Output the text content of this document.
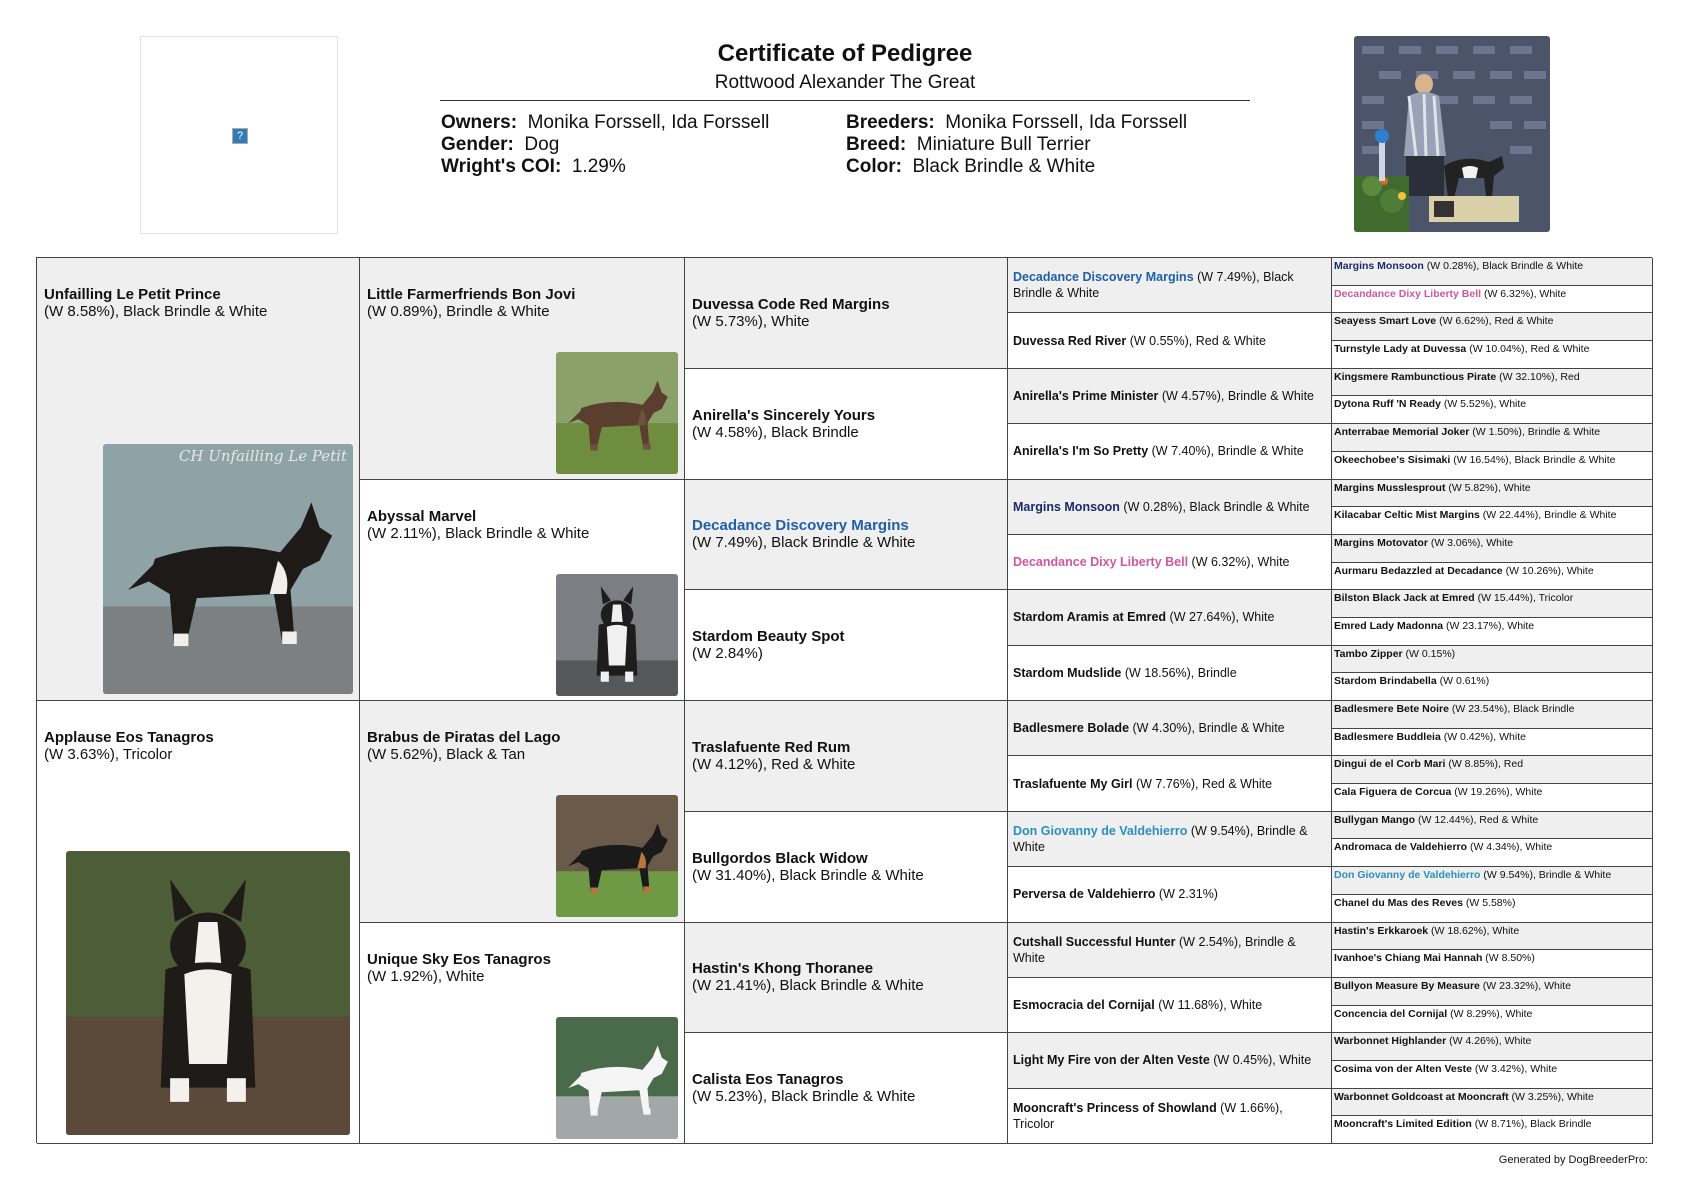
?
Certificate of Pedigree
Rottwood Alexander The Great
Owners: Monika Forssell, Ida Forssell
Gender: Dog
Wright's COI: 1.29%
Breeders: Monika Forssell, Ida Forssell
Breed: Miniature Bull Terrier
Color: Black Brindle & White
Unfailling Le Petit Prince
(W 8.58%), Black Brindle & White
CH Unfailling Le Petit
Applause Eos Tanagros
(W 3.63%), Tricolor
Little Farmerfriends Bon Jovi
(W 0.89%), Brindle & White
Abyssal Marvel
(W 2.11%), Black Brindle & White
Brabus de Piratas del Lago
(W 5.62%), Black & Tan
Unique Sky Eos Tanagros
(W 1.92%), White
Duvessa Code Red Margins
(W 5.73%), White
Anirella's Sincerely Yours
(W 4.58%), Black Brindle
Decadance Discovery Margins
(W 7.49%), Black Brindle & White
Stardom Beauty Spot
(W 2.84%)
Traslafuente Red Rum
(W 4.12%), Red & White
Bullgordos Black Widow
(W 31.40%), Black Brindle & White
Hastin's Khong Thoranee
(W 21.41%), Black Brindle & White
Calista Eos Tanagros
(W 5.23%), Black Brindle & White
Decadance Discovery Margins (W 7.49%), Black Brindle & White
Duvessa Red River (W 0.55%), Red & White
Anirella's Prime Minister (W 4.57%), Brindle & White
Anirella's I'm So Pretty (W 7.40%), Brindle & White
Margins Monsoon (W 0.28%), Black Brindle & White
Decandance Dixy Liberty Bell (W 6.32%), White
Stardom Aramis at Emred (W 27.64%), White
Stardom Mudslide (W 18.56%), Brindle
Badlesmere Bolade (W 4.30%), Brindle & White
Traslafuente My Girl (W 7.76%), Red & White
Don Giovanny de Valdehierro (W 9.54%), Brindle & White
Perversa de Valdehierro (W 2.31%)
Cutshall Successful Hunter (W 2.54%), Brindle & White
Esmocracia del Cornijal (W 11.68%), White
Light My Fire von der Alten Veste (W 0.45%), White
Mooncraft's Princess of Showland (W 1.66%), Tricolor
Margins Monsoon (W 0.28%), Black Brindle & White
Decandance Dixy Liberty Bell (W 6.32%), White
Seayess Smart Love (W 6.62%), Red & White
Turnstyle Lady at Duvessa (W 10.04%), Red & White
Kingsmere Rambunctious Pirate (W 32.10%), Red
Dytona Ruff 'N Ready (W 5.52%), White
Anterrabae Memorial Joker (W 1.50%), Brindle & White
Okeechobee's Sisimaki (W 16.54%), Black Brindle & White
Margins Musslesprout (W 5.82%), White
Kilacabar Celtic Mist Margins (W 22.44%), Brindle & White
Margins Motovator (W 3.06%), White
Aurmaru Bedazzled at Decadance (W 10.26%), White
Bilston Black Jack at Emred (W 15.44%), Tricolor
Emred Lady Madonna (W 23.17%), White
Tambo Zipper (W 0.15%)
Stardom Brindabella (W 0.61%)
Badlesmere Bete Noire (W 23.54%), Black Brindle
Badlesmere Buddleia (W 0.42%), White
Dingui de el Corb Mari (W 8.85%), Red
Cala Figuera de Corcua (W 19.26%), White
Bullygan Mango (W 12.44%), Red & White
Andromaca de Valdehierro (W 4.34%), White
Don Giovanny de Valdehierro (W 9.54%), Brindle & White
Chanel du Mas des Reves (W 5.58%)
Hastin's Erkkaroek (W 18.62%), White
Ivanhoe's Chiang Mai Hannah (W 8.50%)
Bullyon Measure By Measure (W 23.32%), White
Concencia del Cornijal (W 8.29%), White
Warbonnet Highlander (W 4.26%), White
Cosima von der Alten Veste (W 3.42%), White
Warbonnet Goldcoast at Mooncraft (W 3.25%), White
Mooncraft's Limited Edition (W 8.71%), Black Brindle
Generated by DogBreederPro:
